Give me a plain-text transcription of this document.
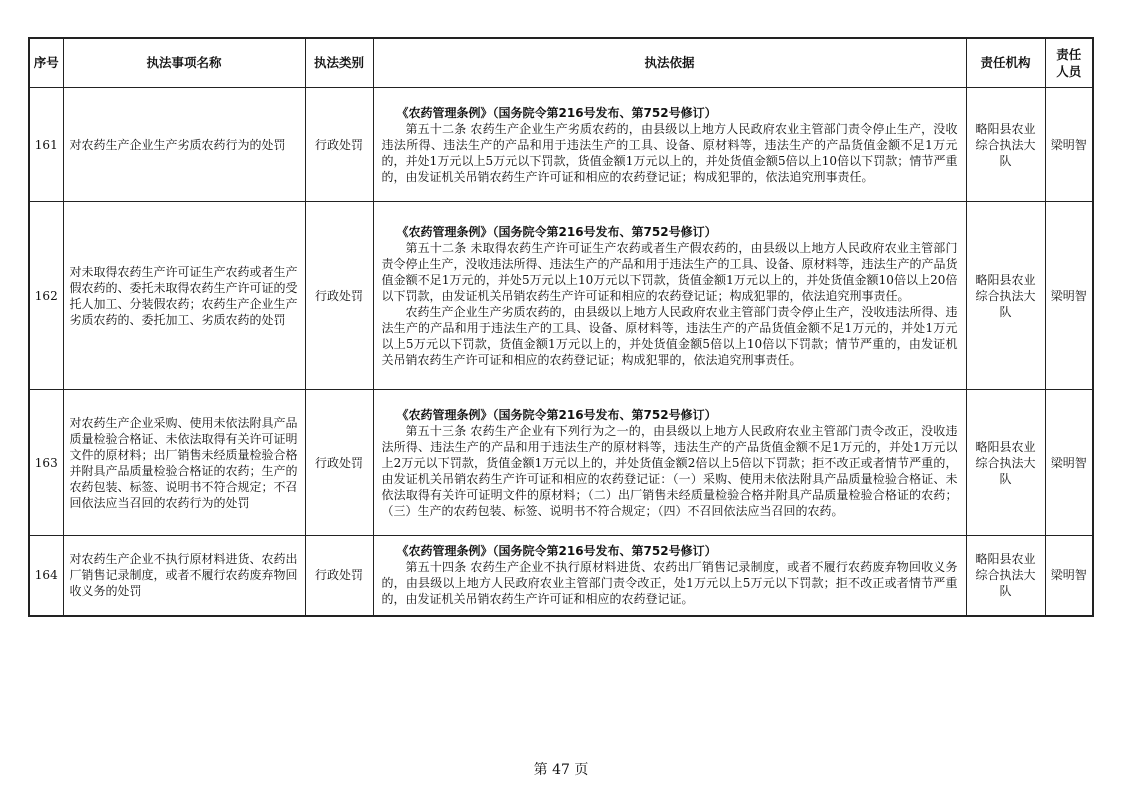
序号	执法事项名称	执法类别	执法依据	责任机构	责任
人员
161	对农药生产企业生产劣质农药行为的处罚	行政处罚	《农药管理条例》（国务院令第216号发布、第752号修订）
第五十二条 农药生产企业生产劣质农药的，由县级以上地方人民政府农业主管部门责令停止生产，没收违法所得、违法生产的产品和用于违法生产的工具、设备、原材料等，违法生产的产品货值金额不足1万元的，并处1万元以上5万元以下罚款，货值金额1万元以上的，并处货值金额5倍以上10倍以下罚款；情节严重的，由发证机关吊销农药生产许可证和相应的农药登记证；构成犯罪的，依法追究刑事责任。	略阳县农业综合执法大队	梁明智
162	对未取得农药生产许可证生产农药或者生产假农药的、委托未取得农药生产许可证的受托人加工、分装假农药；农药生产企业生产劣质农药的、委托加工、劣质农药的处罚	行政处罚	《农药管理条例》（国务院令第216号发布、第752号修订）
第五十二条 未取得农药生产许可证生产农药或者生产假农药的，由县级以上地方人民政府农业主管部门责令停止生产，没收违法所得、违法生产的产品和用于违法生产的工具、设备、原材料等，违法生产的产品货值金额不足1万元的，并处5万元以上10万元以下罚款，货值金额1万元以上的，并处货值金额10倍以上20倍以下罚款，由发证机关吊销农药生产许可证和相应的农药登记证；构成犯罪的，依法追究刑事责任。
农药生产企业生产劣质农药的，由县级以上地方人民政府农业主管部门责令停止生产，没收违法所得、违法生产的产品和用于违法生产的工具、设备、原材料等，违法生产的产品货值金额不足1万元的，并处1万元以上5万元以下罚款，货值金额1万元以上的，并处货值金额5倍以上10倍以下罚款；情节严重的，由发证机关吊销农药生产许可证和相应的农药登记证；构成犯罪的，依法追究刑事责任。	略阳县农业综合执法大队	梁明智
163	对农药生产企业采购、使用未依法附具产品质量检验合格证、未依法取得有关许可证明文件的原材料；出厂销售未经质量检验合格并附具产品质量检验合格证的农药；生产的农药包装、标签、说明书不符合规定；不召回依法应当召回的农药行为的处罚	行政处罚	《农药管理条例》（国务院令第216号发布、第752号修订）
第五十三条 农药生产企业有下列行为之一的，由县级以上地方人民政府农业主管部门责令改正，没收违法所得、违法生产的产品和用于违法生产的原材料等，违法生产的产品货值金额不足1万元的，并处1万元以上2万元以下罚款，货值金额1万元以上的，并处货值金额2倍以上5倍以下罚款；拒不改正或者情节严重的，由发证机关吊销农药生产许可证和相应的农药登记证：（一）采购、使用未依法附具产品质量检验合格证、未依法取得有关许可证明文件的原材料；（二）出厂销售未经质量检验合格并附具产品质量检验合格证的农药；（三）生产的农药包装、标签、说明书不符合规定；（四）不召回依法应当召回的农药。	略阳县农业综合执法大队	梁明智
164	对农药生产企业不执行原材料进货、农药出厂销售记录制度，或者不履行农药废弃物回收义务的处罚	行政处罚	《农药管理条例》（国务院令第216号发布、第752号修订）
第五十四条 农药生产企业不执行原材料进货、农药出厂销售记录制度，或者不履行农药废弃物回收义务的，由县级以上地方人民政府农业主管部门责令改正，处1万元以上5万元以下罚款；拒不改正或者情节严重的，由发证机关吊销农药生产许可证和相应的农药登记证。	略阳县农业综合执法大队	梁明智
第 47 页
